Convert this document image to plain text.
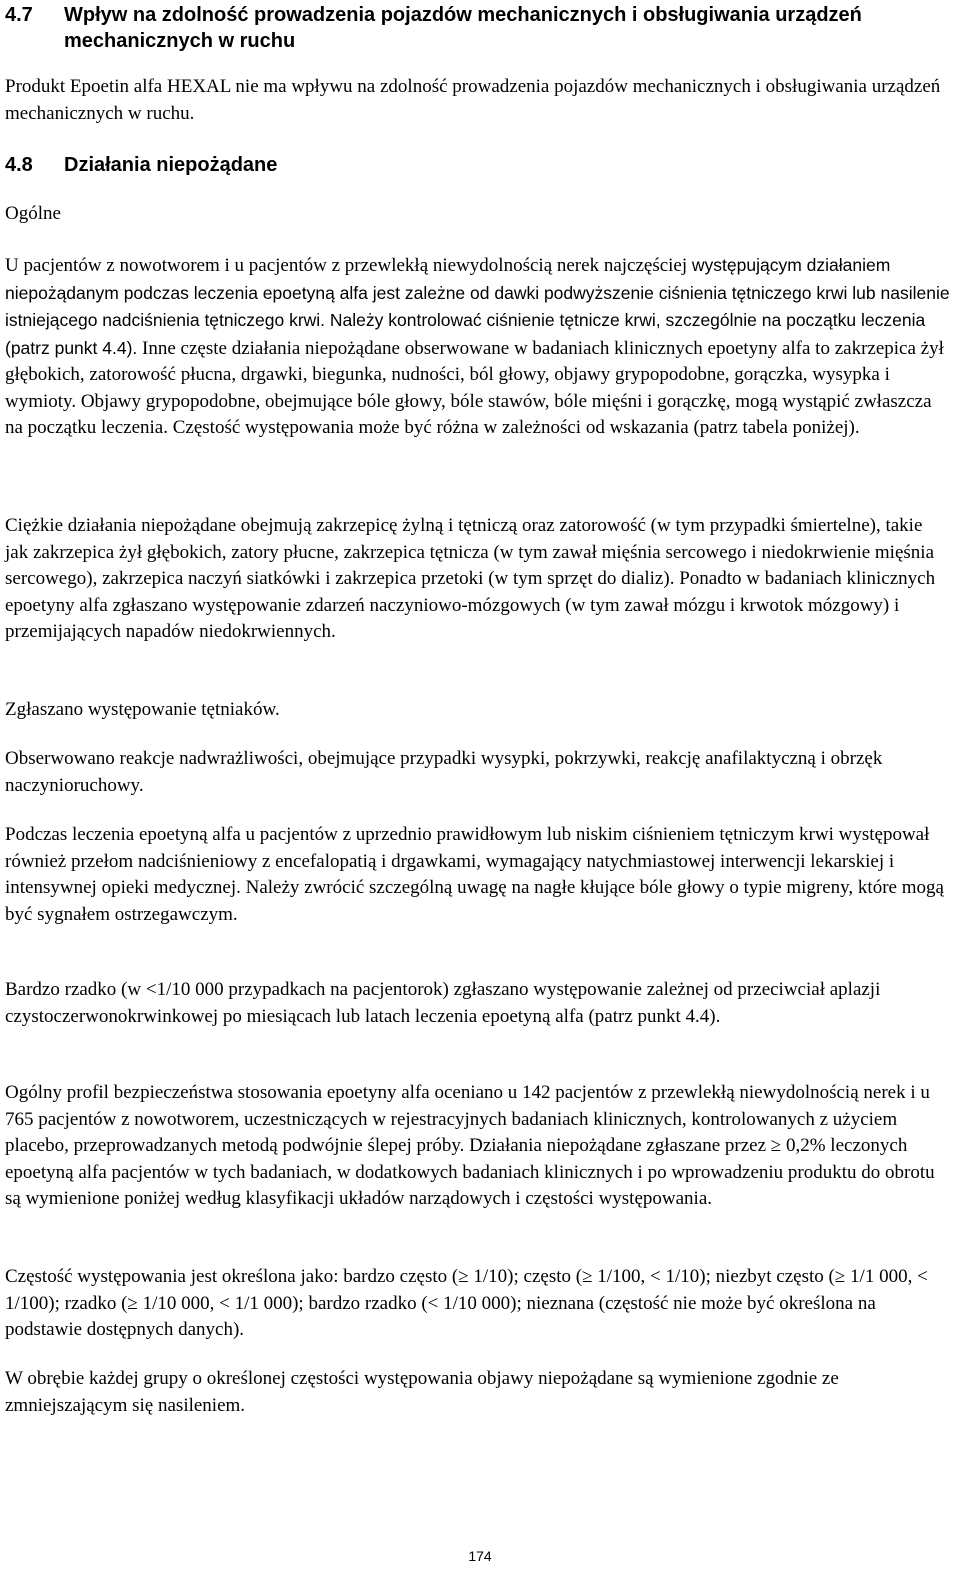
4.7 Wpływ na zdolność prowadzenia pojazdów mechanicznych i obsługiwania urządzeń mechanicznych w ruchu
Produkt Epoetin alfa HEXAL nie ma wpływu na zdolność prowadzenia pojazdów mechanicznych i obsługiwania urządzeń mechanicznych w ruchu.
4.8 Działania niepożądane
Ogólne
U pacjentów z nowotworem i u pacjentów z przewlekłą niewydolnością nerek najczęściej występującym działaniem niepożądanym podczas leczenia epoetyną alfa jest zależne od dawki podwyższenie ciśnienia tętniczego krwi lub nasilenie istniejącego nadciśnienia tętniczego krwi. Należy kontrolować ciśnienie tętnicze krwi, szczególnie na początku leczenia (patrz punkt 4.4). Inne częste działania niepożądane obserwowane w badaniach klinicznych epoetyny alfa to zakrzepica żył głębokich, zatorowość płucna, drgawki, biegunka, nudności, ból głowy, objawy grypopodobne, gorączka, wysypka i wymioty. Objawy grypopodobne, obejmujące bóle głowy, bóle stawów, bóle mięśni i gorączkę, mogą wystąpić zwłaszcza na początku leczenia. Częstość występowania może być różna w zależności od wskazania (patrz tabela poniżej).
Ciężkie działania niepożądane obejmują zakrzepicę żylną i tętniczą oraz zatorowość (w tym przypadki śmiertelne), takie jak zakrzepica żył głębokich, zatory płucne, zakrzepica tętnicza (w tym zawał mięśnia sercowego i niedokrwienie mięśnia sercowego), zakrzepica naczyń siatkówki i zakrzepica przetoki (w tym sprzęt do dializ). Ponadto w badaniach klinicznych epoetyny alfa zgłaszano występowanie zdarzeń naczyniowo-mózgowych (w tym zawał mózgu i krwotok mózgowy) i przemijających napadów niedokrwiennych.
Zgłaszano występowanie tętniaków.
Obserwowano reakcje nadwrażliwości, obejmujące przypadki wysypki, pokrzywki, reakcję anafilaktyczną i obrzęk naczynioruchowy.
Podczas leczenia epoetyną alfa u pacjentów z uprzednio prawidłowym lub niskim ciśnieniem tętniczym krwi występował również przełom nadciśnieniowy z encefalopatią i drgawkami, wymagający natychmiastowej interwencji lekarskiej i intensywnej opieki medycznej. Należy zwrócić szczególną uwagę na nagłe kłujące bóle głowy o typie migreny, które mogą być sygnałem ostrzegawczym.
Bardzo rzadko (w <1/10 000 przypadkach na pacjentorok) zgłaszano występowanie zależnej od przeciwciał aplazji czystoczerwonokrwinkowej po miesiącach lub latach leczenia epoetyną alfa (patrz punkt 4.4).
Ogólny profil bezpieczeństwa stosowania epoetyny alfa oceniano u 142 pacjentów z przewlekłą niewydolnością nerek i u 765 pacjentów z nowotworem, uczestniczących w rejestracyjnych badaniach klinicznych, kontrolowanych z użyciem placebo, przeprowadzanych metodą podwójnie ślepej próby. Działania niepożądane zgłaszane przez ≥ 0,2% leczonych epoetyną alfa pacjentów w tych badaniach, w dodatkowych badaniach klinicznych i po wprowadzeniu produktu do obrotu są wymienione poniżej według klasyfikacji układów narządowych i częstości występowania.
Częstość występowania jest określona jako: bardzo często (≥ 1/10); często (≥ 1/100, < 1/10); niezbyt często (≥ 1/1 000, < 1/100); rzadko (≥ 1/10 000, < 1/1 000); bardzo rzadko (< 1/10 000); nieznana (częstość nie może być określona na podstawie dostępnych danych).
W obrębie każdej grupy o określonej częstości występowania objawy niepożądane są wymienione zgodnie ze zmniejszającym się nasileniem.
174
